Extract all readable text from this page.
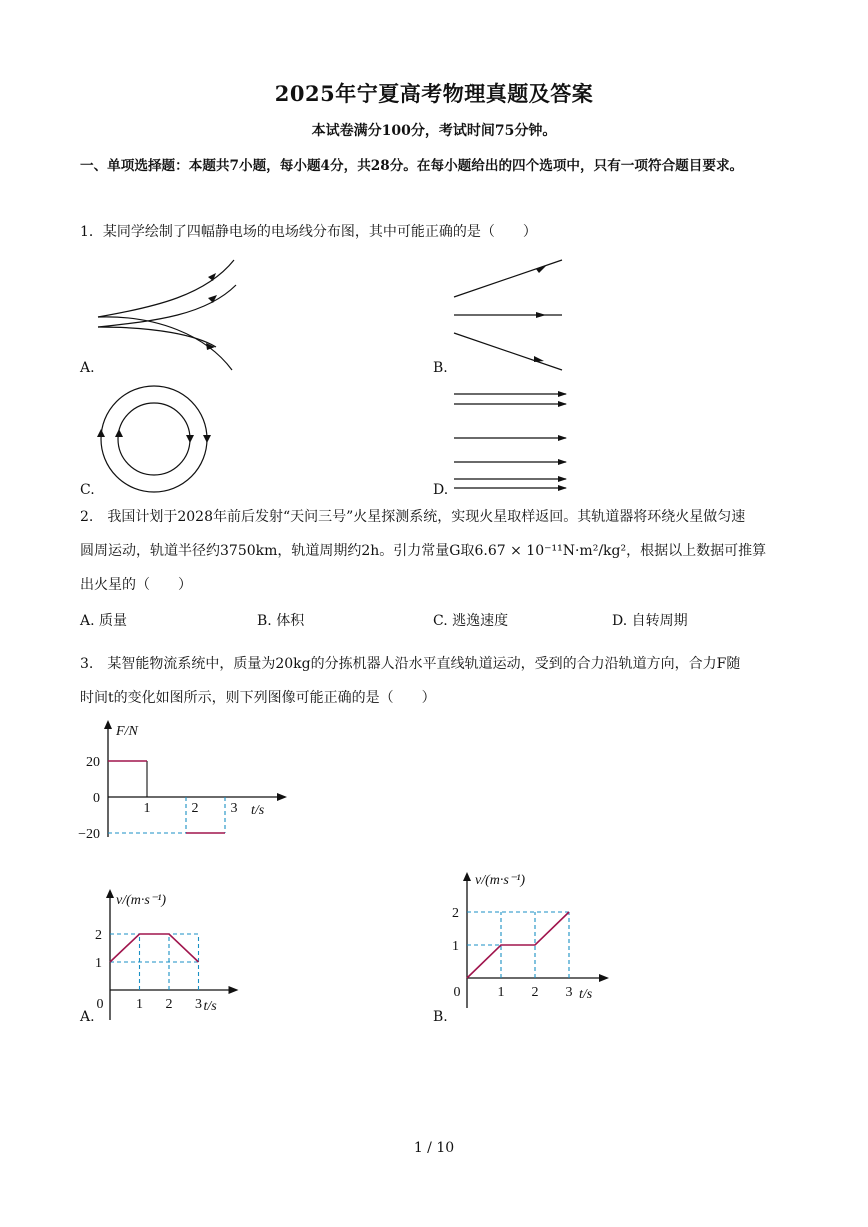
2025年宁夏高考物理真题及答案
本试卷满分100分，考试时间75分钟。
一、单项选择题：本题共7小题，每小题4分，共28分。在每小题给出的四个选项中，只有一项符合题目要求。
1．某同学绘制了四幅静电场的电场线分布图，其中可能正确的是（　　）
A.	B.
C.	D.
2.　我国计划于2028年前后发射“天问三号”火星探测系统，实现火星取样返回。其轨道器将环绕火星做匀速
圆周运动，轨道半径约3750km，轨道周期约2h。引力常量G取6.67 × 10⁻¹¹N·m²/kg²，根据以上数据可推算
出火星的（　　）
A. 质量	B. 体积	C. 逃逸速度	D. 自转周期
3.　某智能物流系统中，质量为20kg的分拣机器人沿水平直线轨道运动，受到的合力沿轨道方向，合力F随
时间t的变化如图所示，则下列图像可能正确的是（　　）
F/N
t/s
20
0
−20
1	2 3
v/(m·s⁻¹)
t/s
0 1 2 3
1
2
A.
v/(m·s⁻¹)
t/s
0	1 2 3
1
2
B.
1 / 10
